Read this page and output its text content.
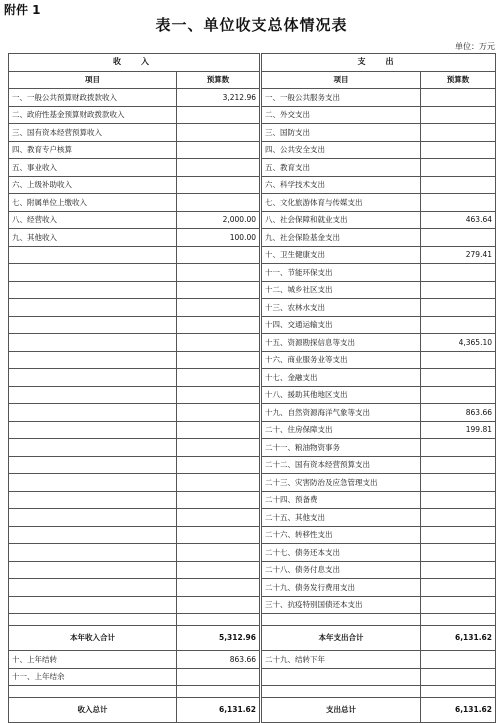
附件 1
表一、单位收支总体情况表
单位：万元
收　入		支　出	
项目	预算数	项目	预算数
一、一般公共预算财政拨款收入	3,212.96	一、一般公共服务支出	
二、政府性基金预算财政拨款收入		二、外交支出	
三、国有资本经营预算收入		三、国防支出	
四、教育专户核算		四、公共安全支出	
五、事业收入		五、教育支出	
六、上级补助收入		六、科学技术支出	
七、附属单位上缴收入		七、文化旅游体育与传媒支出	
八、经营收入	2,000.00	八、社会保障和就业支出	463.64
九、其他收入	100.00	九、社会保险基金支出	
		十、卫生健康支出	279.41
		十一、节能环保支出	
		十二、城乡社区支出	
		十三、农林水支出	
		十四、交通运输支出	
		十五、资源勘探信息等支出	4,365.10
		十六、商业服务业等支出	
		十七、金融支出	
		十八、援助其他地区支出	
		十九、自然资源海洋气象等支出	863.66
		二十、住房保障支出	199.81
		二十一、粮油物资事务	
		二十二、国有资本经营预算支出	
		二十三、灾害防治及应急管理支出	
		二十四、预备费	
		二十五、其他支出	
		二十六、转移性支出	
		二十七、债务还本支出	
		二十八、债务付息支出	
		二十九、债务发行费用支出	
		三十、抗疫特别国债还本支出	

本年收入合计	5,312.96	本年支出合计	6,131.62
十、上年结转	863.66	二十九、结转下年	
十一、上年结余			

收入总计	6,131.62	支出总计	6,131.62
